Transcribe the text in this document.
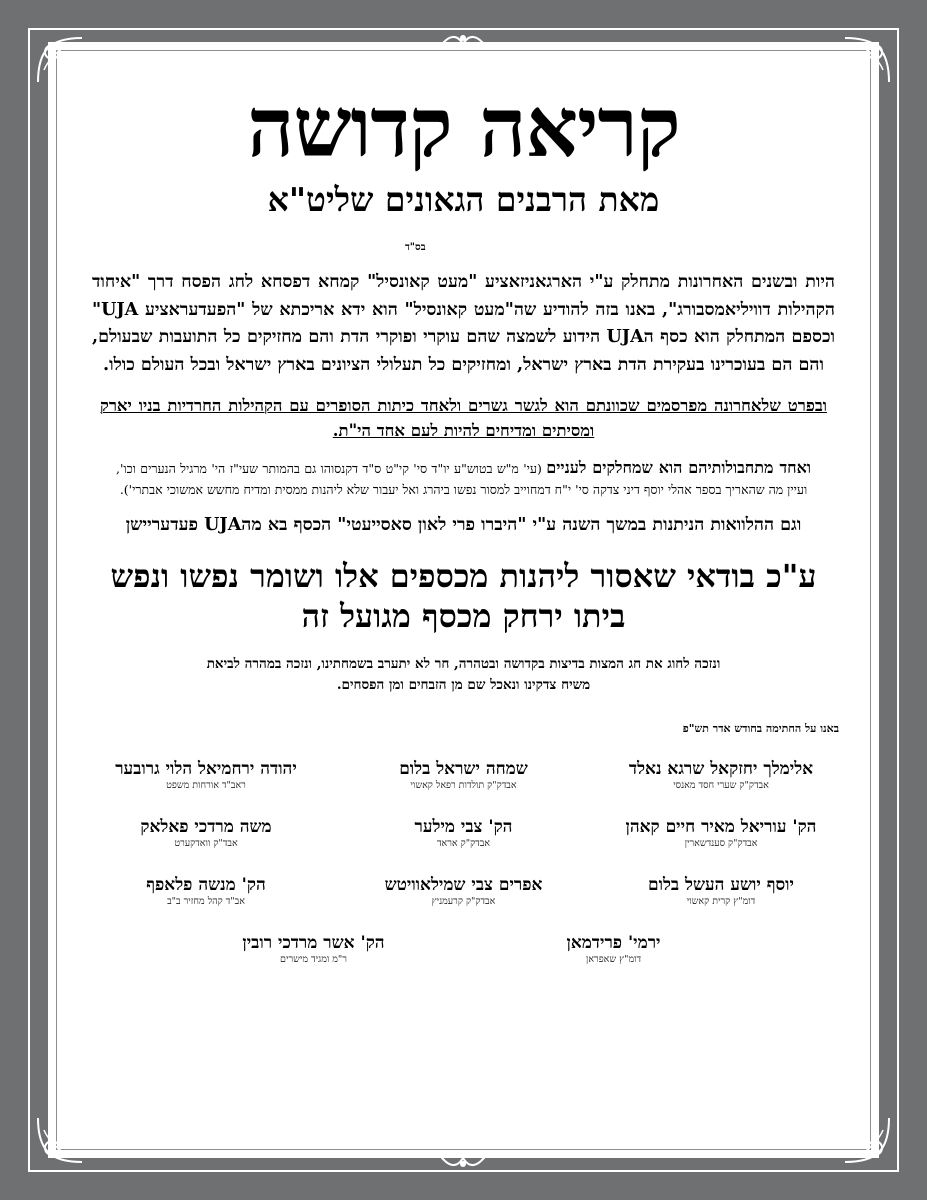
קריאה קדושה
מאת הרבנים הגאונים שליט"א
בס"ד
היות ובשנים האחרונות מתחלק ע"י הארגאניזאציע "מעט קאונסיל" קמחא דפסחא לחג הפסח דרך "איחוד הקהילות דוויליאמסבורג", באנו בזה להודיע שה"מעט קאונסיל" הוא ידא אריכתא של "הפעדעראציע UJA" וכספם המתחלק הוא כסף הUJA הידוע לשמצה שהם עוקרי ופוקרי הדת והם מחזיקים כל התועבות שבעולם, והם הם בעוכרינו בעקירת הדת בארץ ישראל, ומחזיקים כל תעלולי הציונים בארץ ישראל ובכל העולם כולו.
ובפרט שלאחרונה מפרסמים שכוונתם הוא לגשר גשרים ולאחד כיתות הסופרים עם הקהילות החרדיות בניו יארק ומסיתים ומדיחים להיות לעם אחד הי"ת.
ואחד מתחבולותיהם הוא שמחלקים לעניים (עי' מ"ש בטוש"ע יו"ד סי' קי"ט ס"ד דקנסוהו גם בהמותר שעי"ז הי' מרגיל הנערים וכו', ועיין מה שהאריך בספר אהלי יוסף דיני צדקה סי' י"ח דמחוייב למסור נפשו ביהרג ואל יעבור שלא ליהנות ממסית ומדיח מחשש אמשוכי אבתרי').
וגם ההלוואות הניתנות במשך השנה ע"י "היברו פרי לאון סאסייעטי" הכסף בא מהUJA פעדעריישן
ע"כ בודאי שאסור ליהנות מכספים אלו ושומר נפשו ונפש ביתו ירחק מכסף מגועל זה
ונזכה לחוג את חג המצות בדיצות בקדושה ובטהרה, חר לא יתערב בשמחתינו, ונזכה במהרה לביאת משיח צדקינו ונאכל שם מן הזבחים ומן הפסחים.
באנו על החתימה בחודש אדר תש"פ
אלימלך יחזקאל שרגא נאלד
אבדק"ק שערי חסד מאנסי
שמחה ישראל בלום
אבדק"ק תולדות רפאל קאשוי
יהודה ירחמיאל הלוי גרובער
ראב"ד אורחות משפט
הק' עוריאל מאיר חיים קאהן
אבדק"ק סענדשארין
הק' צבי מילער
אבדק"ק אראד
משה מרדכי פאלאק
אבד"ק וואדקערט
יוסף יושע העשל בלום
דומ"ץ קרית קאשוי
אפרים צבי שמילאוויטש
אבדק"ק קרעמניץ
הק' מנשה פלאפף
אב"ד קהל מחזיר ב"ב
ירמי' פרידמאן
דומ"ץ שאפראן
הק' אשר מרדכי רובין
ר"מ ומגיד מישרים
